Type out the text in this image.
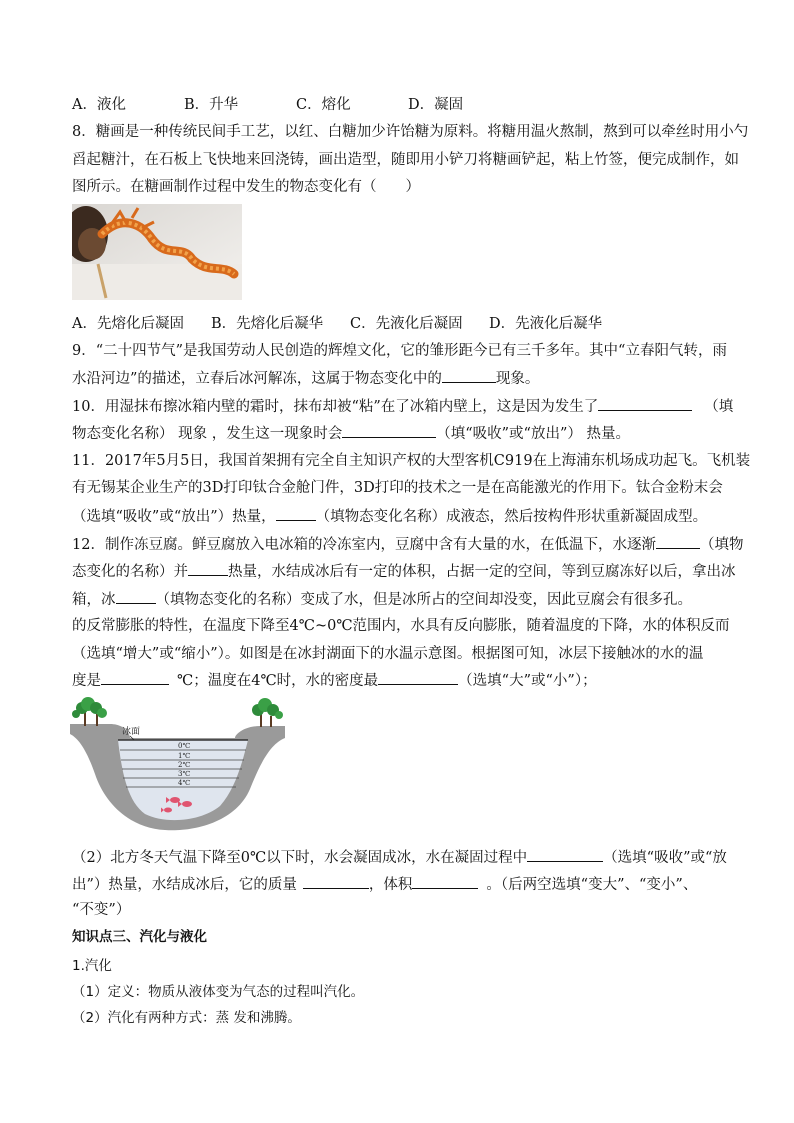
A．液化	B．升华	C．熔化	D．凝固
8．糖画是一种传统民间手工艺，以红、白糖加少许饴糖为原料。将糖用温火熬制，熬到可以牵丝时用小勺
舀起糖汁，在石板上飞快地来回浇铸，画出造型，随即用小铲刀将糖画铲起，粘上竹签，便完成制作，如
图所示。在糖画制作过程中发生的物态变化有（　　）
A．先熔化后凝固 B．先熔化后凝华 C．先液化后凝固 D．先液化后凝华
9．“二十四节气”是我国劳动人民创造的辉煌文化，它的雏形距今已有三千多年。其中“立春阳气转，雨
水沿河边”的描述，立春后冰河解冻，这属于物态变化中的	现象。
10．用湿抹布擦冰箱内壁的霜时，抹布却被“粘”在了冰箱内壁上，这是因为发生了	（填
物态变化名称） 现象 ，发生这一现象时会	（填“吸收”或“放出”） 热量。
11．2017年5月5日，我国首架拥有完全自主知识产权的大型客机C919在上海浦东机场成功起飞。飞机装
有无锡某企业生产的3D打印钛合金舱门件，3D打印的技术之一是在高能激光的作用下。钛合金粉末会
（选填“吸收”或“放出”）热量，	（填物态变化名称）成液态，然后按构件形状重新凝固成型。
12．制作冻豆腐。鲜豆腐放入电冰箱的冷冻室内，豆腐中含有大量的水，在低温下，水逐渐	（填物
态变化的名称）并	热量，水结成冰后有一定的体积，占据一定的空间，等到豆腐冻好以后，拿出冰
箱，冰	（填物态变化的名称）变成了水，但是冰所占的空间却没变，因此豆腐会有很多孔。
的反常膨胀的特性，在温度下降至4℃~0℃范围内，水具有反向膨胀，随着温度的下降，水的体积反而
（选填“增大”或“缩小”）。如图是在冰封湖面下的水温示意图。根据图可知，冰层下接触冰的水的温
度是	℃；温度在4℃时，水的密度最	（选填“大”或“小”）；
0℃
1℃
2℃
3℃
4℃
冰面
（2）北方冬天气温下降至0℃以下时，水会凝固成冰，水在凝固过程中	（选填“吸收”或“放
出”）热量，水结成冰后，它的质量	，体积	。（后两空选填“变大”、“变小”、
“不变”）
知识点三、汽化与液化
1.汽化
（1）定义：物质从液体变为气态的过程叫汽化。
（2）汽化有两种方式：蒸 发和沸腾。
